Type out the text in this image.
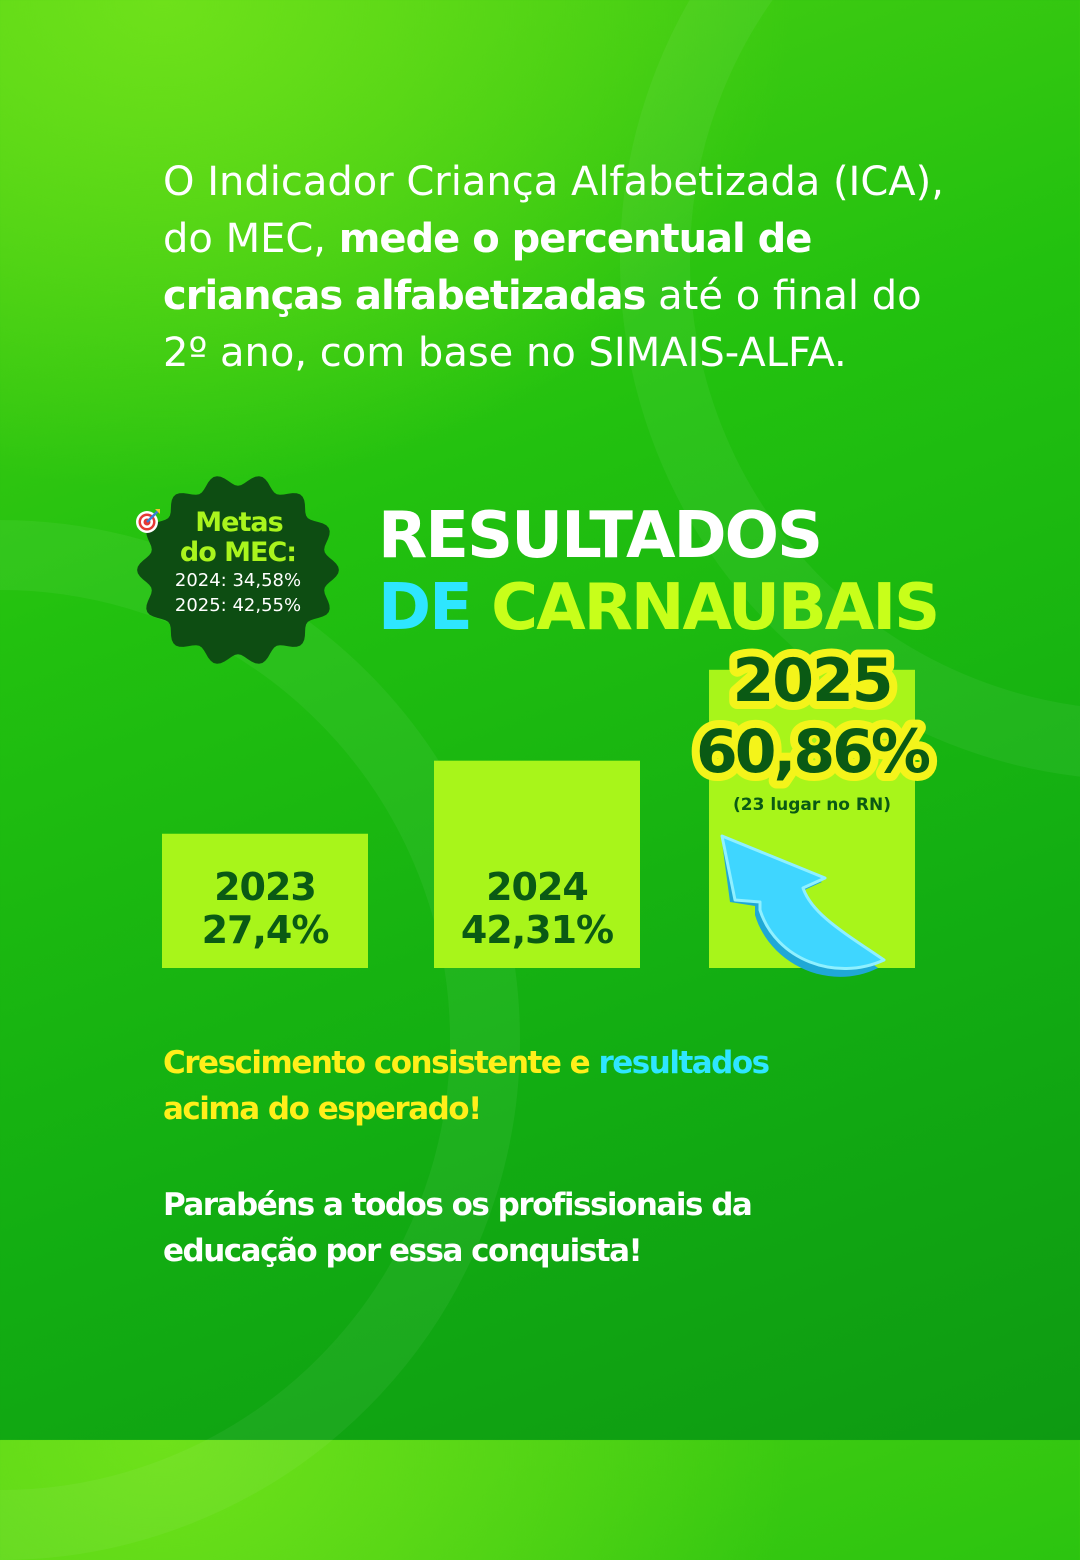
O Indicador Criança Alfabetizada (ICA), do MEC, mede o percentual de crianças alfabetizadas até o final do 2º ano, com base no SIMAIS-ALFA.
Metas
do MEC:
2024: 34,58%
2025: 42,55%
RESULTADOS
DE CARNAUBAIS
2023
27,4%
2024
42,31%
2025
60,86%
(23 lugar no RN)
Crescimento consistente e resultados
acima do esperado!
Parabéns a todos os profissionais da
educação por essa conquista!
